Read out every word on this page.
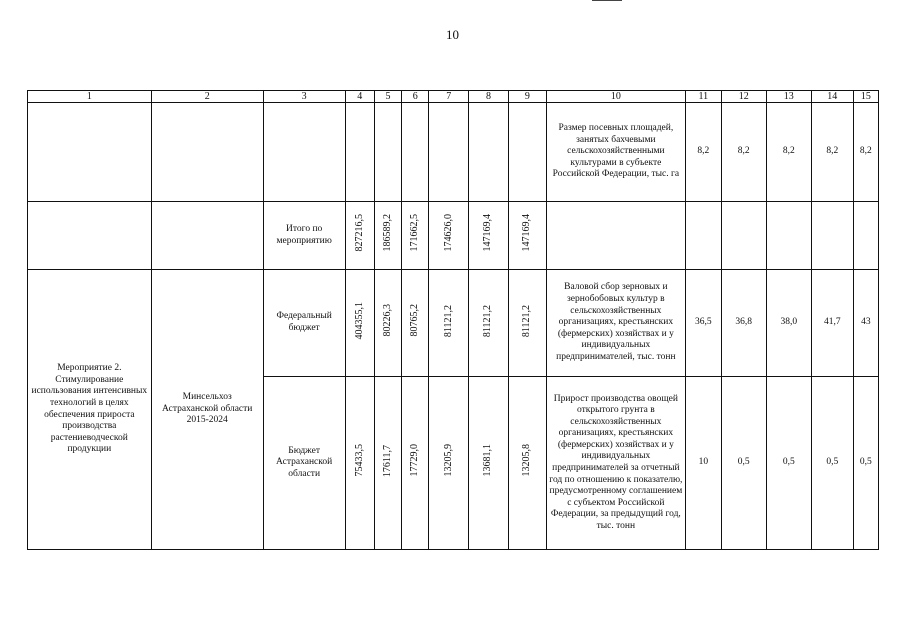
10
1	2	3	4	5	6	7	8	9	10	11	12	13	14	15
									Размер посевных площадей, занятых бахчевыми сельскохозяйственными культурами в субъекте Российской Федерации, тыс. га	8,2	8,2	8,2	8,2	8,2
		Итого по мероприятию	827216,5	186589,2	171662,5	174626,0	147169,4	147169,4						
Мероприятие 2. Стимулирование использования интенсивных технологий в целях обеспечения прироста производства растениеводческой продукции	Минсельхоз Астраханской области 2015-2024	Федеральный бюджет	404355,1	80226,3	80765,2	81121,2	81121,2	81121,2	Валовой сбор зерновых и зернобобовых культур в сельскохозяйственных организациях, крестьянских (фермерских) хозяйствах и у индивидуальных предпринимателей, тыс. тонн	36,5	36,8	38,0	41,7	43
		Бюджет Астраханской области	75433,5	17611,7	17729,0	13205,9	13681,1	13205,8	Прирост производства овощей открытого грунта в сельскохозяйственных организациях, крестьянских (фермерских) хозяйствах и у индивидуальных предпринимателей за отчетный год по отношению к показателю, предусмотренному соглашением с субъектом Российской Федерации, за предыдущий год, тыс. тонн	10	0,5	0,5	0,5	0,5
